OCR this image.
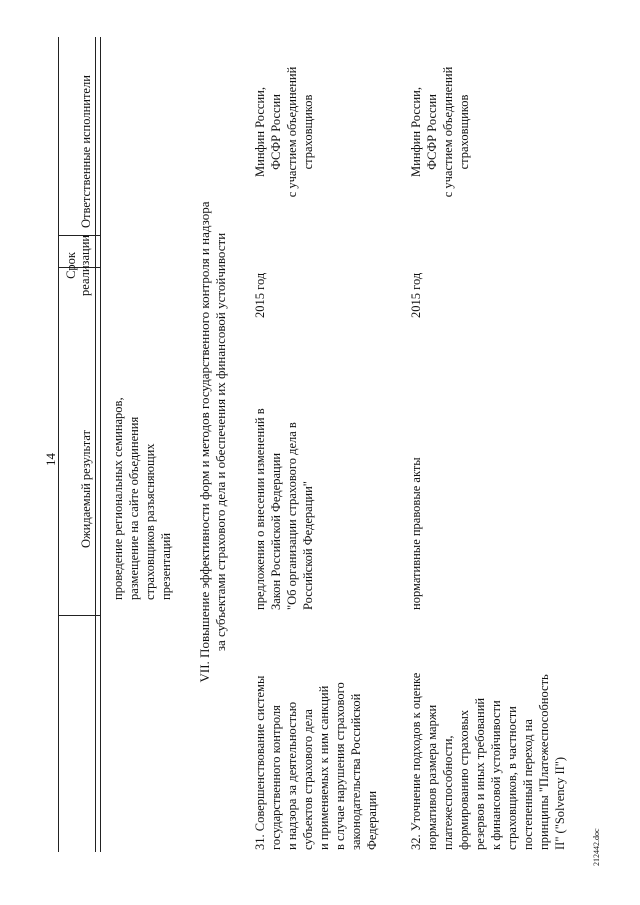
14 Ожидаемый результат
Срок реализации
Ответственные исполнители
проведение региональных семинаров, размещение на сайте объединения страховщиков разъясняющих презентаций VII. Повышение эффективности форм и методов государственного контроля и надзора за субъектами страхового дела и обеспечения их финансовой устойчивости
31. Совершенствование системы государственного контроля и надзора за деятельностью субъектов страхового дела и применяемых к ним санкций в случае нарушения страхового законодательства Российской Федерации
предложения о внесении изменений в Закон Российской Федерации "Об организации страхового дела в Российской Федерации"
2015 год
Минфин России, ФСФР России с участием объединений страховщиков
32. Уточнение подходов к оценке нормативов размера маржи платежеспособности, формированию страховых резервов и иных требований к финансовой устойчивости страховщиков, в частности постепенный переход на принципы "Платежеспособность II" ("Solvency II")
нормативные правовые акты
2015 год
Минфин России, ФСФР России с участием объединений страховщиков
212442.doc
